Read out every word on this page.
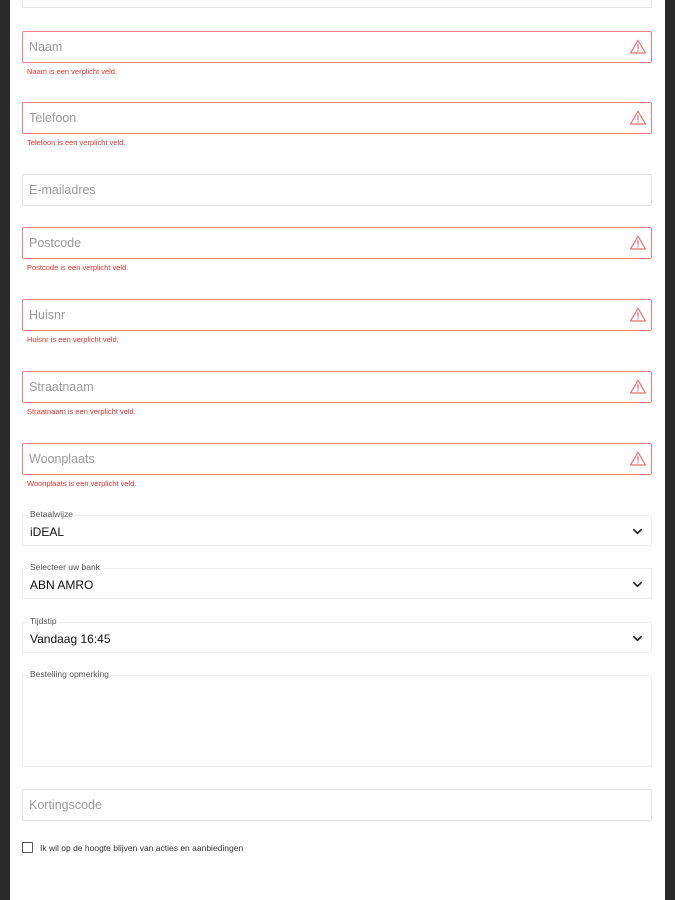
Naam
Naam is een verplicht veld.
Telefoon
Telefoon is een verplicht veld.
E-mailadres
Postcode
Postcode is een verplicht veld.
Huisnr
Huisnr is een verplicht veld.
Straatnaam
Straatnaam is een verplicht veld.
Woonplaats
Woonplaats is een verplicht veld.
Betaalwijze
iDEAL
Selecteer uw bank
ABN AMRO
Tijdstip
Vandaag 16:45
Bestelling opmerking
Kortingscode
Ik wil op de hoogte blijven van acties en aanbiedingen
